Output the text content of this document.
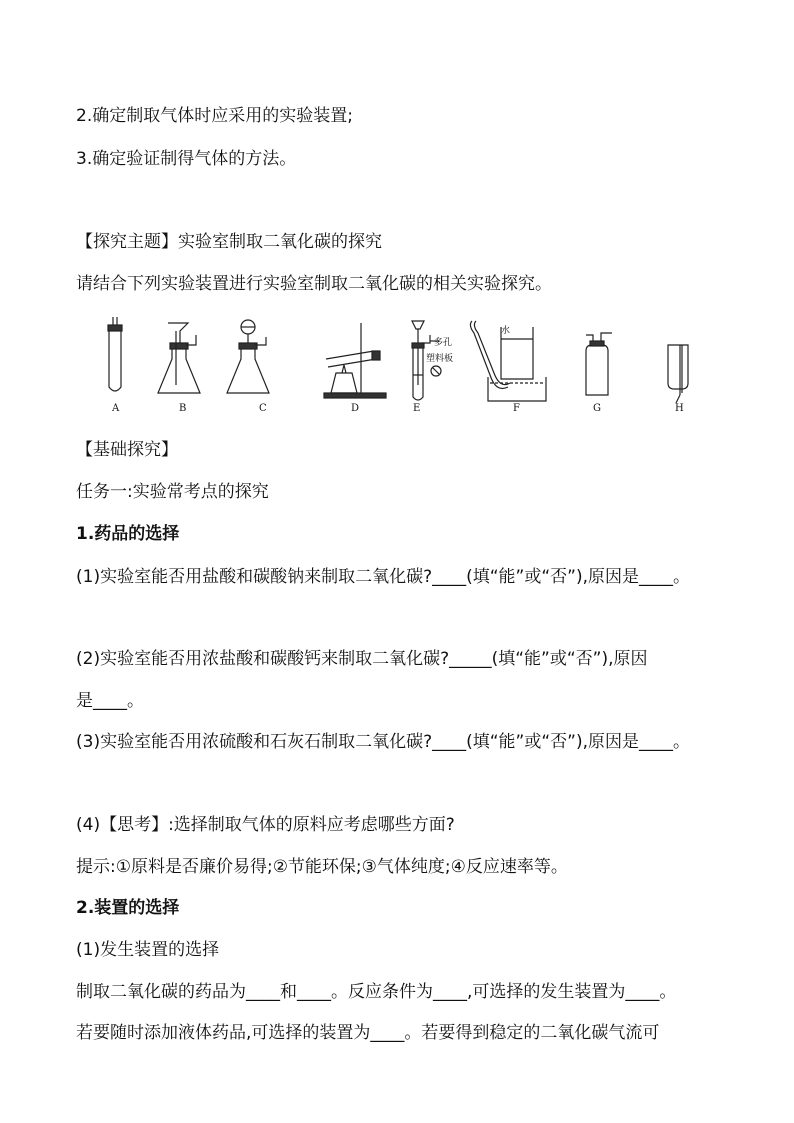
2.确定制取气体时应采用的实验装置;
3.确定验证制得气体的方法。
【探究主题】实验室制取二氧化碳的探究
请结合下列实验装置进行实验室制取二氧化碳的相关实验探究。
水
多孔
塑料板
A	B	C	D	E	F	G	H
【基础探究】
任务一:实验常考点的探究
1.药品的选择
(1)实验室能否用盐酸和碳酸钠来制取二氧化碳?____(填“能”或“否”),原因是____。
(2)实验室能否用浓盐酸和碳酸钙来制取二氧化碳?_____(填“能”或“否”),原因
是____。
(3)实验室能否用浓硫酸和石灰石制取二氧化碳?____(填“能”或“否”),原因是____。
(4)【思考】:选择制取气体的原料应考虑哪些方面?
提示:①原料是否廉价易得;②节能环保;③气体纯度;④反应速率等。
2.装置的选择
(1)发生装置的选择
制取二氧化碳的药品为____和____。反应条件为____,可选择的发生装置为____。
若要随时添加液体药品,可选择的装置为____。若要得到稳定的二氧化碳气流可
